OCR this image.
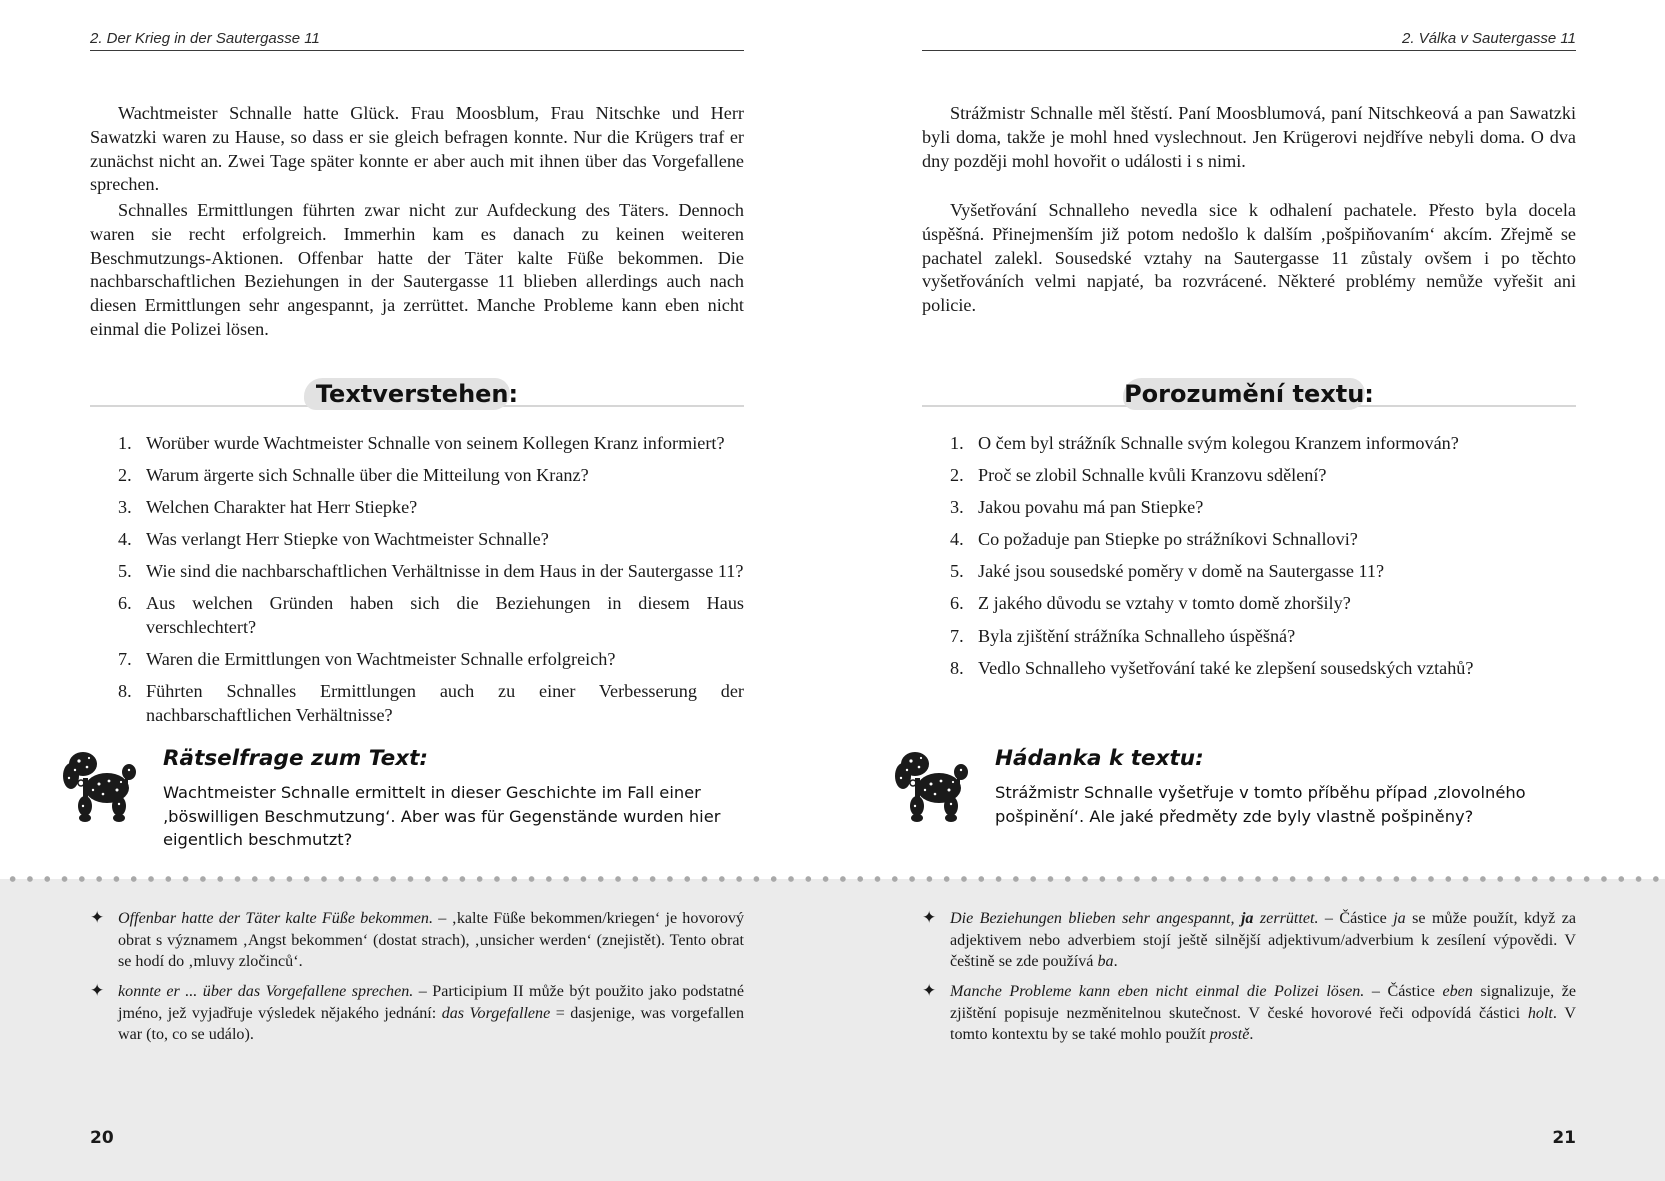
2. Der Krieg in der Sautergasse 11

Wachtmeister Schnalle hatte Glück. Frau Moosblum, Frau Nitschke und Herr Sawatzki waren zu Hause, so dass er sie gleich befragen konnte. Nur die Krügers traf er zunächst nicht an. Zwei Tage später konnte er aber auch mit ihnen über das Vorgefallene sprechen.

Schnalles Ermittlungen führten zwar nicht zur Aufdeckung des Täters. Dennoch waren sie recht erfolgreich. Immerhin kam es danach zu keinen weiteren Beschmutzungs-Aktionen. Offenbar hatte der Täter kalte Füße bekommen. Die nachbarschaftlichen Beziehungen in der Sautergasse 11 blieben allerdings auch nach diesen Ermittlungen sehr angespannt, ja zerrüttet. Manche Probleme kann eben nicht einmal die Polizei lösen.

Textverstehen:
1. Worüber wurde Wachtmeister Schnalle von seinem Kollegen Kranz informiert?
2. Warum ärgerte sich Schnalle über die Mitteilung von Kranz?
3. Welchen Charakter hat Herr Stiepke?
4. Was verlangt Herr Stiepke von Wachtmeister Schnalle?
5. Wie sind die nachbarschaftlichen Verhältnisse in dem Haus in der Sautergasse 11?
6. Aus welchen Gründen haben sich die Beziehungen in diesem Haus verschlechtert?
7. Waren die Ermittlungen von Wachtmeister Schnalle erfolgreich?
8. Führten Schnalles Ermittlungen auch zu einer Verbesserung der nachbarschaftlichen Verhältnisse?
Rätselfrage zum Text:

Wachtmeister Schnalle ermittelt in dieser Geschichte im Fall einer ‚böswilligen Beschmutzung‘. Aber was für Gegenstände wurden hier eigentlich beschmutzt?

✦ Offenbar hatte der Täter kalte Füße bekommen. – ‚kalte Füße bekommen/kriegen‘ je hovorový obrat s významem ‚Angst bekommen‘ (dostat strach), ‚unsicher werden‘ (znejistět). Tento obrat se hodí do ‚mluvy zločinců‘.
✦ konnte er ... über das Vorgefallene sprechen. – Participium II může být použito jako podstatné jméno, jež vyjadřuje výsledek nějakého jednání: das Vorgefallene = dasjenige, was vorgefallen war (to, co se událo).
20
2. Válka v Sautergasse 11

Strážmistr Schnalle měl štěstí. Paní Moosblumová, paní Nitschkeová a pan Sawatzki byli doma, takže je mohl hned vyslechnout. Jen Krügerovi nejdříve nebyli doma. O dva dny později mohl hovořit o události i s nimi.

Vyšetřování Schnalleho nevedla sice k odhalení pachatele. Přesto byla docela úspěšná. Přinejmenším již potom nedošlo k dalším ‚pošpiňovaním‘ akcím. Zřejmě se pachatel zalekl. Sousedské vztahy na Sautergasse 11 zůstaly ovšem i po těchto vyšetřováních velmi napjaté, ba rozvrácené. Některé problémy nemůže vyřešit ani policie.

Porozumění textu:
1. O čem byl strážník Schnalle svým kolegou Kranzem informován?
2. Proč se zlobil Schnalle kvůli Kranzovu sdělení?
3. Jakou povahu má pan Stiepke?
4. Co požaduje pan Stiepke po strážníkovi Schnallovi?
5. Jaké jsou sousedské poměry v domě na Sautergasse 11?
6. Z jakého důvodu se vztahy v tomto domě zhoršily?
7. Byla zjištění strážníka Schnalleho úspěšná?
8. Vedlo Schnalleho vyšetřování také ke zlepšení sousedských vztahů?
Hádanka k textu:

Strážmistr Schnalle vyšetřuje v tomto příběhu případ ‚zlovolného pošpinění‘. Ale jaké předměty zde byly vlastně pošpiněny?

✦ Die Beziehungen blieben sehr angespannt, ja zerrüttet. – Částice ja se může použít, když za adjektivem nebo adverbiem stojí ještě silnější adjektivum/adverbium k zesílení výpovědi. V češtině se zde používá ba.
✦ Manche Probleme kann eben nicht einmal die Polizei lösen. – Částice eben signalizuje, že zjištění popisuje nezměnitelnou skutečnost. V české hovorové řeči odpovídá částici holt. V tomto kontextu by se také mohlo použít prostě.
21
